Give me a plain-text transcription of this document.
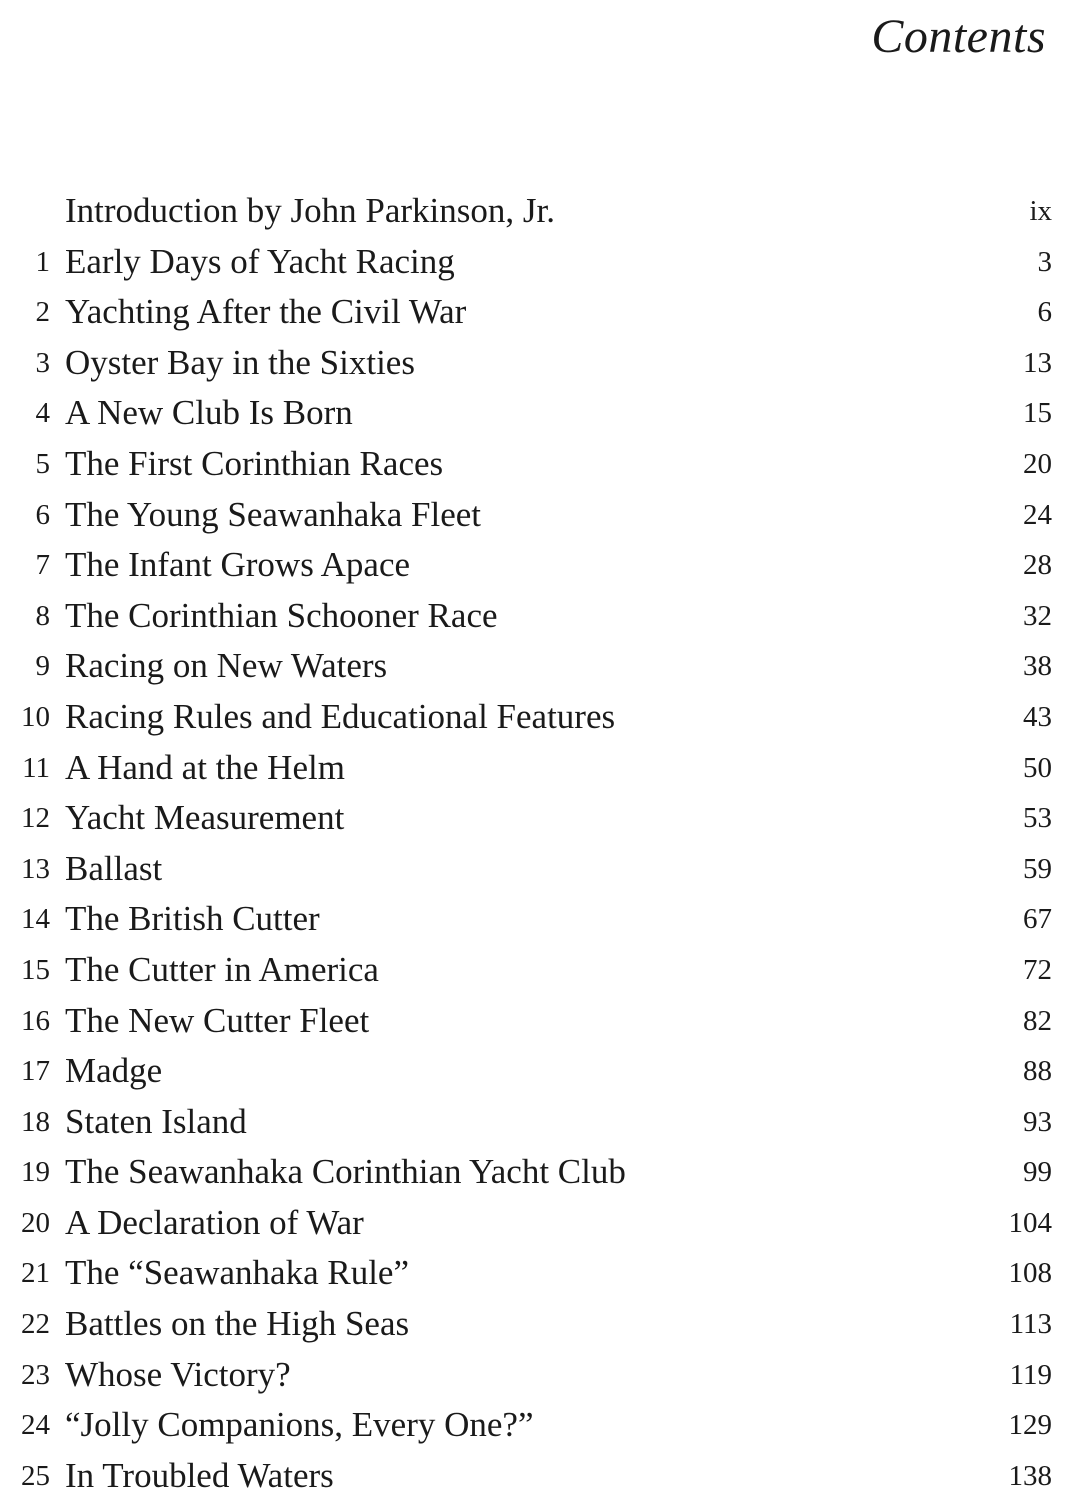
Contents
Introduction by John Parkinson, Jr.	ix
1 Early Days of Yacht Racing	3
2 Yachting After the Civil War	6
3 Oyster Bay in the Sixties	13
4 A New Club Is Born	15
5 The First Corinthian Races	20
6 The Young Seawanhaka Fleet	24
7 The Infant Grows Apace	28
8 The Corinthian Schooner Race	32
9 Racing on New Waters	38
10 Racing Rules and Educational Features	43
11 A Hand at the Helm	50
12 Yacht Measurement	53
13 Ballast	59
14 The British Cutter	67
15 The Cutter in America	72
16 The New Cutter Fleet	82
17 Madge	88
18 Staten Island	93
19 The Seawanhaka Corinthian Yacht Club	99
20 A Declaration of War	104
21 The “Seawanhaka Rule”	108
22 Battles on the High Seas	113
23 Whose Victory?	119
24 “Jolly Companions, Every One?”	129
25 In Troubled Waters	138
